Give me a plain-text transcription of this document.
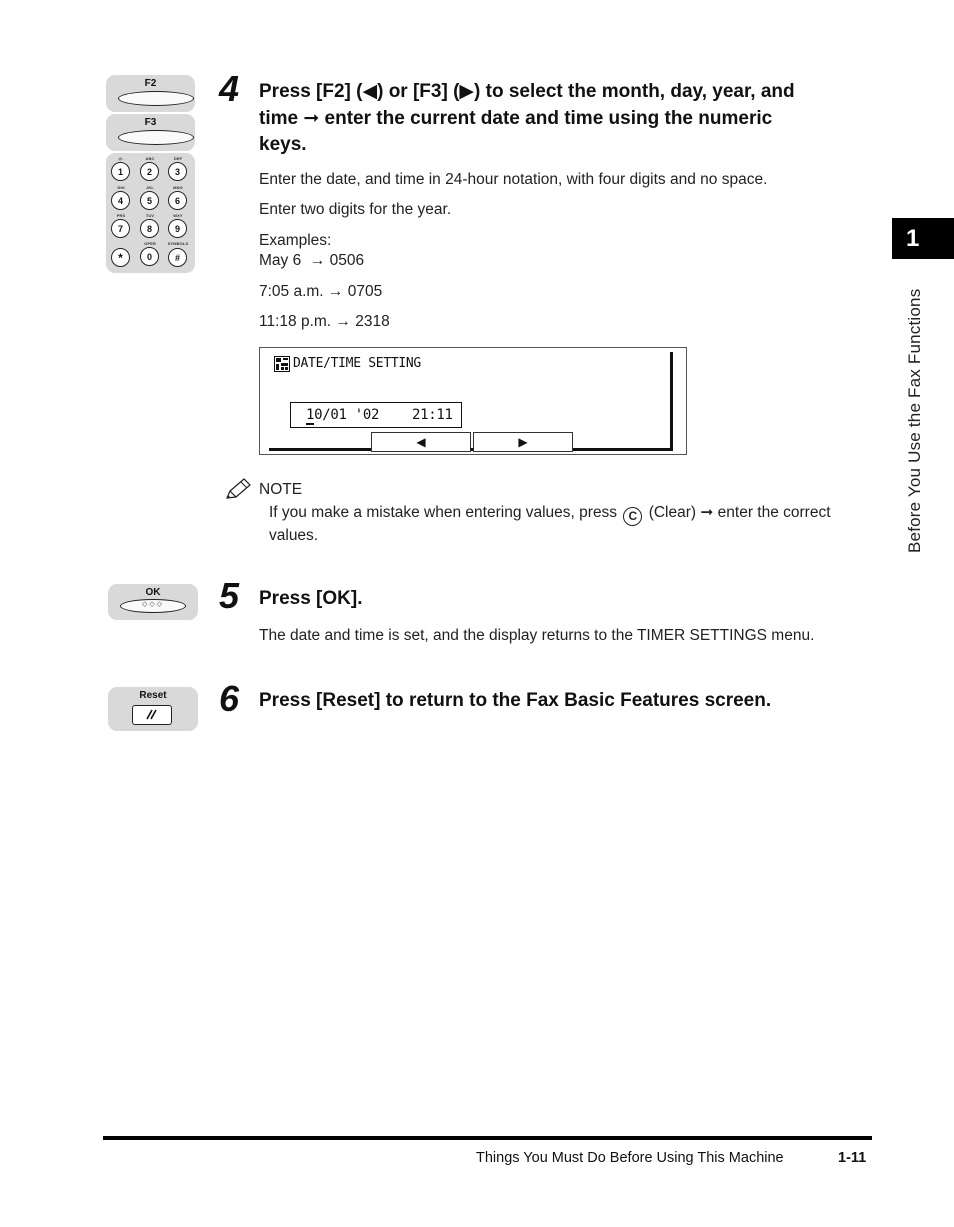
1
Before You Use the Fax Functions
F2
F3
@.
1
ABC
2
DEF
3
GHI
4
JKL
5
MNO
6
PRS
7
TUV
8
WXY
9
*
OPER
0
SYMBOLS
#
4 Press [F2] (◀) or [F3] (▶) to select the month, day, year, and
time ➞ enter the current date and time using the numeric
keys.
Enter the date, and time in 24-hour notation, with four digits and no space.
Enter two digits for the year.
Examples:
May 6  → 0506
7:05 a.m. → 0705
11:18 p.m. → 2318
DATE/TIME SETTING
10/01 '02 21:11
◀	▶
NOTE
If you make a mistake when entering values, press C (Clear) ➞ enter the correct
values.
OK
◇ ◇ ◇ 5 Press [OK].
The date and time is set, and the display returns to the TIMER SETTINGS menu.
Reset	6 Press [Reset] to return to the Fax Basic Features screen.
Things You Must Do Before Using This Machine	1-11
